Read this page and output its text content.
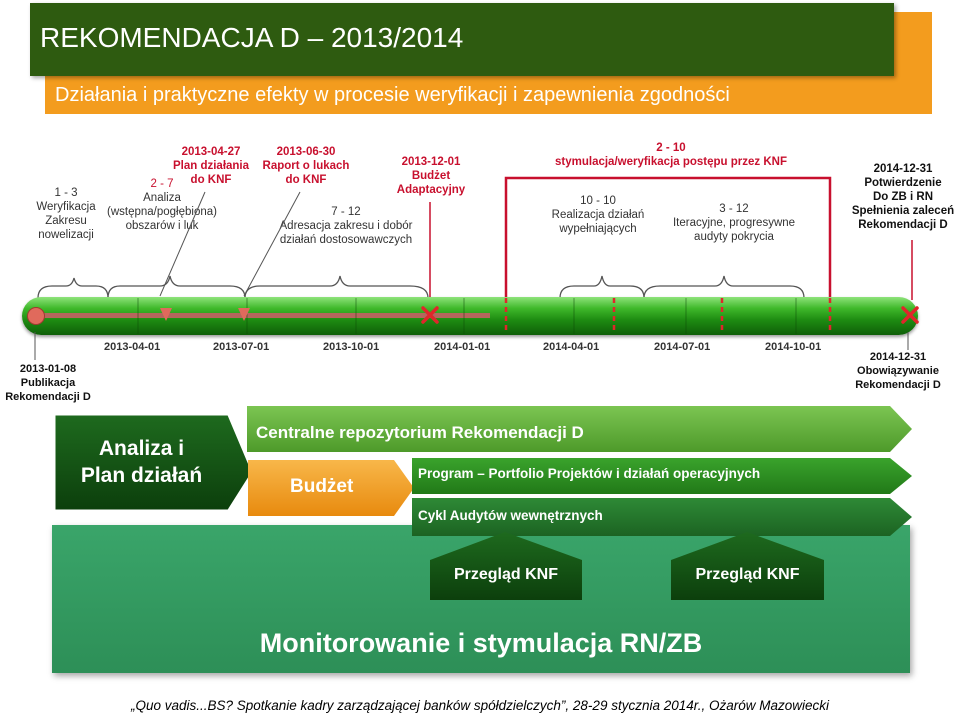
REKOMENDACJA D – 2013/2014
Działania i praktyczne efekty w procesie weryfikacji i zapewnienia zgodności
1 - 3
Weryfikacja
Zakresu
nowelizacji
2 - 7
Analiza
(wstępna/pogłębiona)
obszarów i luk
2013-04-27
Plan działania
do KNF
2013-06-30
Raport o lukach
do KNF
7 - 12
Adresacja zakresu i dobór
działań dostosowawczych
2013-12-01
Budżet
Adaptacyjny
2 - 10
stymulacja/weryfikacja postępu przez KNF
10 - 10
Realizacja działań
wypełniających
3 - 12
Iteracyjne, progresywne
audyty pokrycia
2014-12-31
Potwierdzenie
Do ZB i RN
Spełnienia zaleceń
Rekomendacji D
2013-04-01	2013-07-01	2013-10-01	2014-01-01	2014-04-01	2014-07-01	2014-10-01
2013-01-08
Publikacja
Rekomendacji D
2014-12-31
Obowiązywanie
Rekomendacji D
Analiza i
Plan działań
Centralne repozytorium Rekomendacji D
Budżet
Program – Portfolio Projektów i działań operacyjnych
Cykl Audytów wewnętrznych
Przegląd KNF	Przegląd KNF
Monitorowanie i stymulacja RN/ZB
„Quo vadis...BS? Spotkanie kadry zarządzającej banków spółdzielczych”, 28-29 stycznia 2014r., Ożarów Mazowiecki
